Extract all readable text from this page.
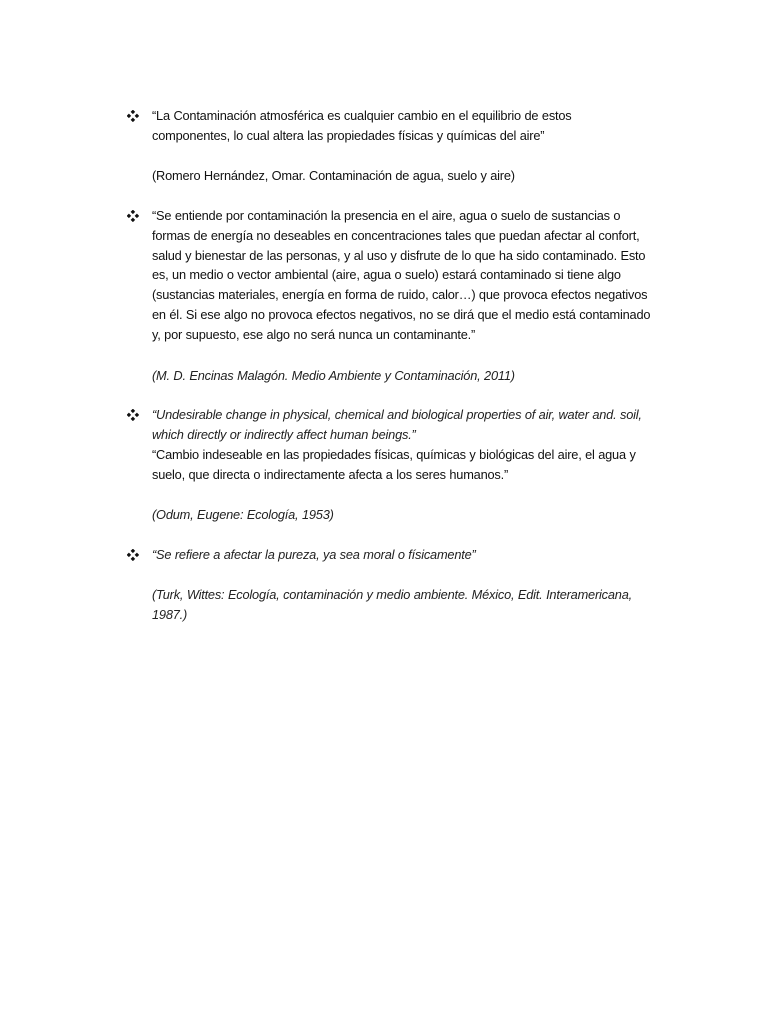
“La Contaminación atmosférica es cualquier cambio en el equilibrio de estos
componentes, lo cual altera las propiedades físicas y químicas del aire”
(Romero Hernández, Omar. Contaminación de agua, suelo y aire)
“Se entiende por contaminación la presencia en el aire, agua o suelo de sustancias o
formas de energía no deseables en concentraciones tales que puedan afectar al confort,
salud y bienestar de las personas, y al uso y disfrute de lo que ha sido contaminado. Esto
es, un medio o vector ambiental (aire, agua o suelo) estará contaminado si tiene algo
(sustancias materiales, energía en forma de ruido, calor…) que provoca efectos negativos
en él. Si ese algo no provoca efectos negativos, no se dirá que el medio está contaminado
y, por supuesto, ese algo no será nunca un contaminante.”
(M. D. Encinas Malagón. Medio Ambiente y Contaminación, 2011)
“Undesirable change in physical, chemical and biological properties of air, water and. soil,
which directly or indirectly affect human beings.”
“Cambio indeseable en las propiedades físicas, químicas y biológicas del aire, el agua y
suelo, que directa o indirectamente afecta a los seres humanos.”
(Odum, Eugene: Ecología, 1953)
“Se refiere a afectar la pureza, ya sea moral o físicamente”
(Turk, Wittes: Ecología, contaminación y medio ambiente. México, Edit. Interamericana,
1987.)
